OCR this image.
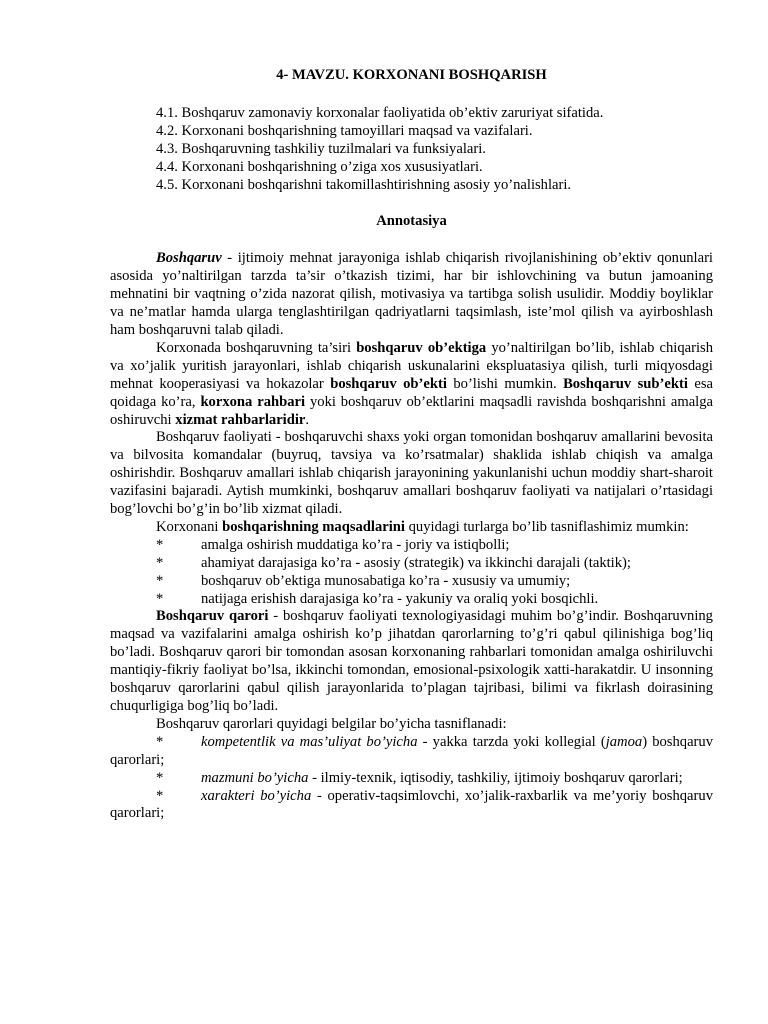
4- MAVZU. KORXONANI BOSHQARISH
4.1. Boshqaruv zamonaviy korxonalar faoliyatida ob’ektiv zaruriyat sifatida.
4.2. Korxonani boshqarishning tamoyillari maqsad va vazifalari.
4.3. Boshqaruvning tashkiliy tuzilmalari va funksiyalari.
4.4. Korxonani boshqarishning o’ziga xos xususiyatlari.
4.5. Korxonani boshqarishni takomillashtirishning asosiy yo’nalishlari.
Annotasiya

Boshqaruv - ijtimoiy mehnat jarayoniga ishlab chiqarish rivojlanishining ob’ektiv qonunlari asosida yo’naltirilgan tarzda ta’sir o’tkazish tizimi, har bir ishlovchining va butun jamoaning mehnatini bir vaqtning o’zida nazorat qilish, motivasiya va tartibga solish usulidir. Moddiy boyliklar va ne’matlar hamda ularga tenglashtirilgan qadriyatlarni taqsimlash, iste’mol qilish va ayirboshlash ham boshqaruvni talab qiladi.

Korxonada boshqaruvning ta’siri boshqaruv ob’ektiga yo’naltirilgan bo’lib, ishlab chiqarish va xo’jalik yuritish jarayonlari, ishlab chiqarish uskunalarini ekspluatasiya qilish, turli miqyosdagi mehnat kooperasiyasi va hokazolar boshqaruv ob’ekti bo’lishi mumkin. Boshqaruv sub’ekti esa qoidaga ko’ra, korxona rahbari yoki boshqaruv ob’ektlarini maqsadli ravishda boshqarishni amalga oshiruvchi xizmat rahbarlaridir.

Boshqaruv faoliyati - boshqaruvchi shaxs yoki organ tomonidan boshqaruv amallarini bevosita va bilvosita komandalar (buyruq, tavsiya va ko’rsatmalar) shaklida ishlab chiqish va amalga oshirishdir. Boshqaruv amallari ishlab chiqarish jarayonining yakunlanishi uchun moddiy shart-sharoit vazifasini bajaradi. Aytish mumkinki, boshqaruv amallari boshqaruv faoliyati va natijalari o’rtasidagi bog’lovchi bo’g’in bo’lib xizmat qiladi.

Korxonani boshqarishning maqsadlarini quyidagi turlarga bo’lib tasniflashimiz mumkin:

*	amalga oshirish muddatiga ko’ra - joriy va istiqbolli;
*	ahamiyat darajasiga ko’ra - asosiy (strategik) va ikkinchi darajali (taktik);
*	boshqaruv ob’ektiga munosabatiga ko’ra - xususiy va umumiy;
*	natijaga erishish darajasiga ko’ra - yakuniy va oraliq yoki bosqichli.

Boshqaruv qarori - boshqaruv faoliyati texnologiyasidagi muhim bo’g’indir. Boshqaruvning maqsad va vazifalarini amalga oshirish ko’p jihatdan qarorlarning to’g’ri qabul qilinishiga bog’liq bo’ladi. Boshqaruv qarori bir tomondan asosan korxonaning rahbarlari tomonidan amalga oshiriluvchi mantiqiy-fikriy faoliyat bo’lsa, ikkinchi tomondan, emosional-psixologik xatti-harakatdir. U insonning boshqaruv qarorlarini qabul qilish jarayonlarida to’plagan tajribasi, bilimi va fikrlash doirasining chuqurligiga bog’liq bo’ladi.

Boshqaruv qarorlari quyidagi belgilar bo’yicha tasniflanadi:

*	kompetentlik va mas’uliyat bo’yicha - yakka tarzda yoki kollegial (jamoa) boshqaruv qarorlari;
*	mazmuni bo’yicha - ilmiy-texnik, iqtisodiy, tashkiliy, ijtimoiy boshqaruv qarorlari;
*	xarakteri bo’yicha - operativ-taqsimlovchi, xo’jalik-raxbarlik va me’yoriy boshqaruv qarorlari;
